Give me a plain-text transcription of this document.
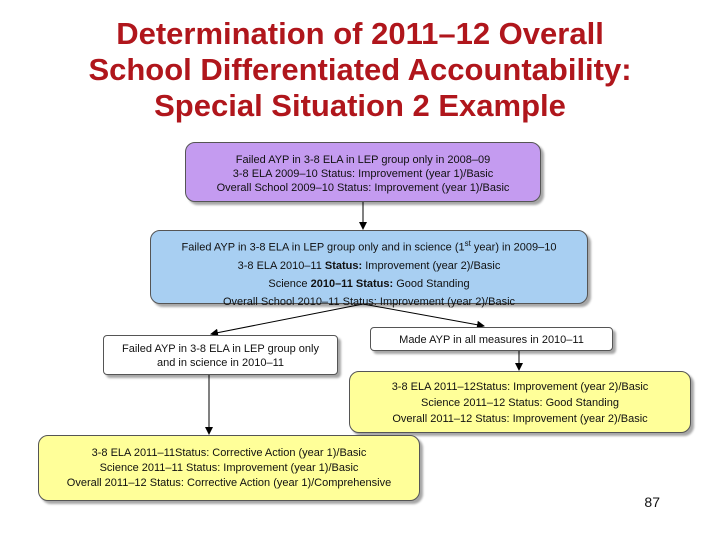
Determination of 2011–12 Overall
School Differentiated Accountability:
Special Situation 2 Example
Failed AYP in 3-8 ELA in LEP group only in 2008–09
3-8 ELA 2009–10 Status: Improvement (year 1)/Basic
Overall School 2009–10 Status: Improvement (year 1)/Basic
Failed AYP in 3-8 ELA in LEP group only and in science (1st year) in 2009–10
3-8 ELA 2010–11 Status: Improvement (year 2)/Basic
Science 2010–11 Status: Good Standing
Overall School 2010–11 Status: Improvement (year 2)/Basic
Failed AYP in 3-8 ELA in LEP group only
and in science in 2010–11
Made AYP in all measures in 2010–11
3-8 ELA 2011–12Status: Improvement (year 2)/Basic
Science 2011–12 Status: Good Standing
Overall 2011–12 Status: Improvement (year 2)/Basic
3-8 ELA 2011–11Status: Corrective Action (year 1)/Basic
Science 2011–11 Status: Improvement (year 1)/Basic
Overall 2011–12 Status: Corrective Action (year 1)/Comprehensive
87
